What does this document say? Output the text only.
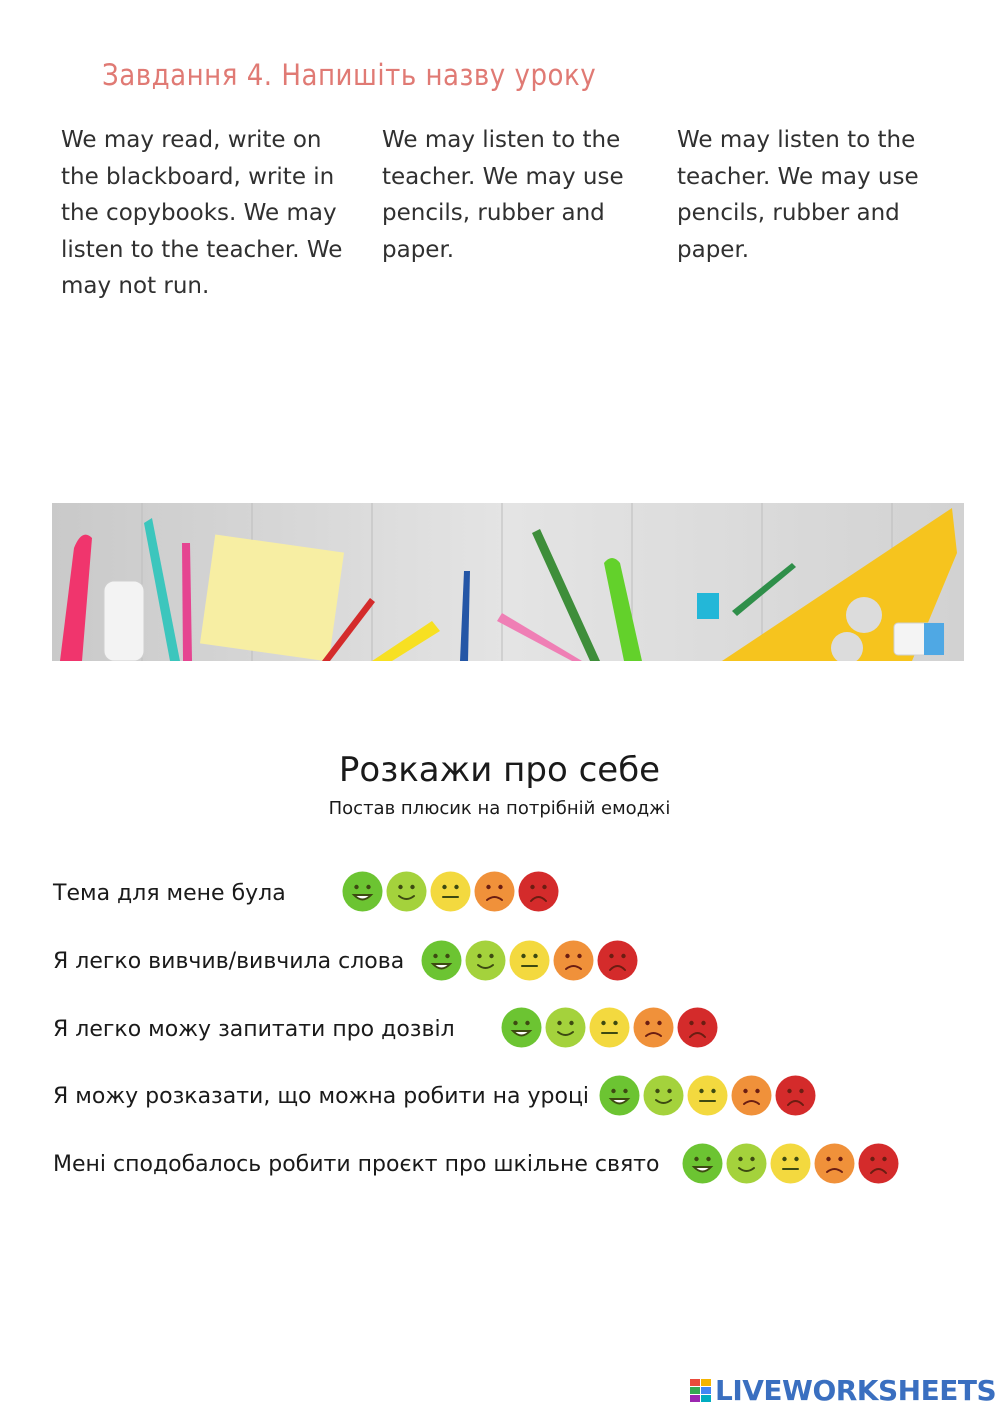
Завдання 4. Напишіть назву уроку
We may read, write on the blackboard, write in the copybooks. We may listen to the teacher. We may not run.
We may listen to the teacher. We may use pencils, rubber and paper.
We may listen to the teacher. We may use pencils, rubber and paper.
Розкажи про себе
Постав плюсик на потрібній емоджі
Тема для мене була
Я легко вивчив/вивчила слова
Я легко можу запитати про дозвіл
Я можу розказати, що можна робити на уроці
Мені сподобалось робити проєкт про шкільне свято
LIVEWORKSHEETS
